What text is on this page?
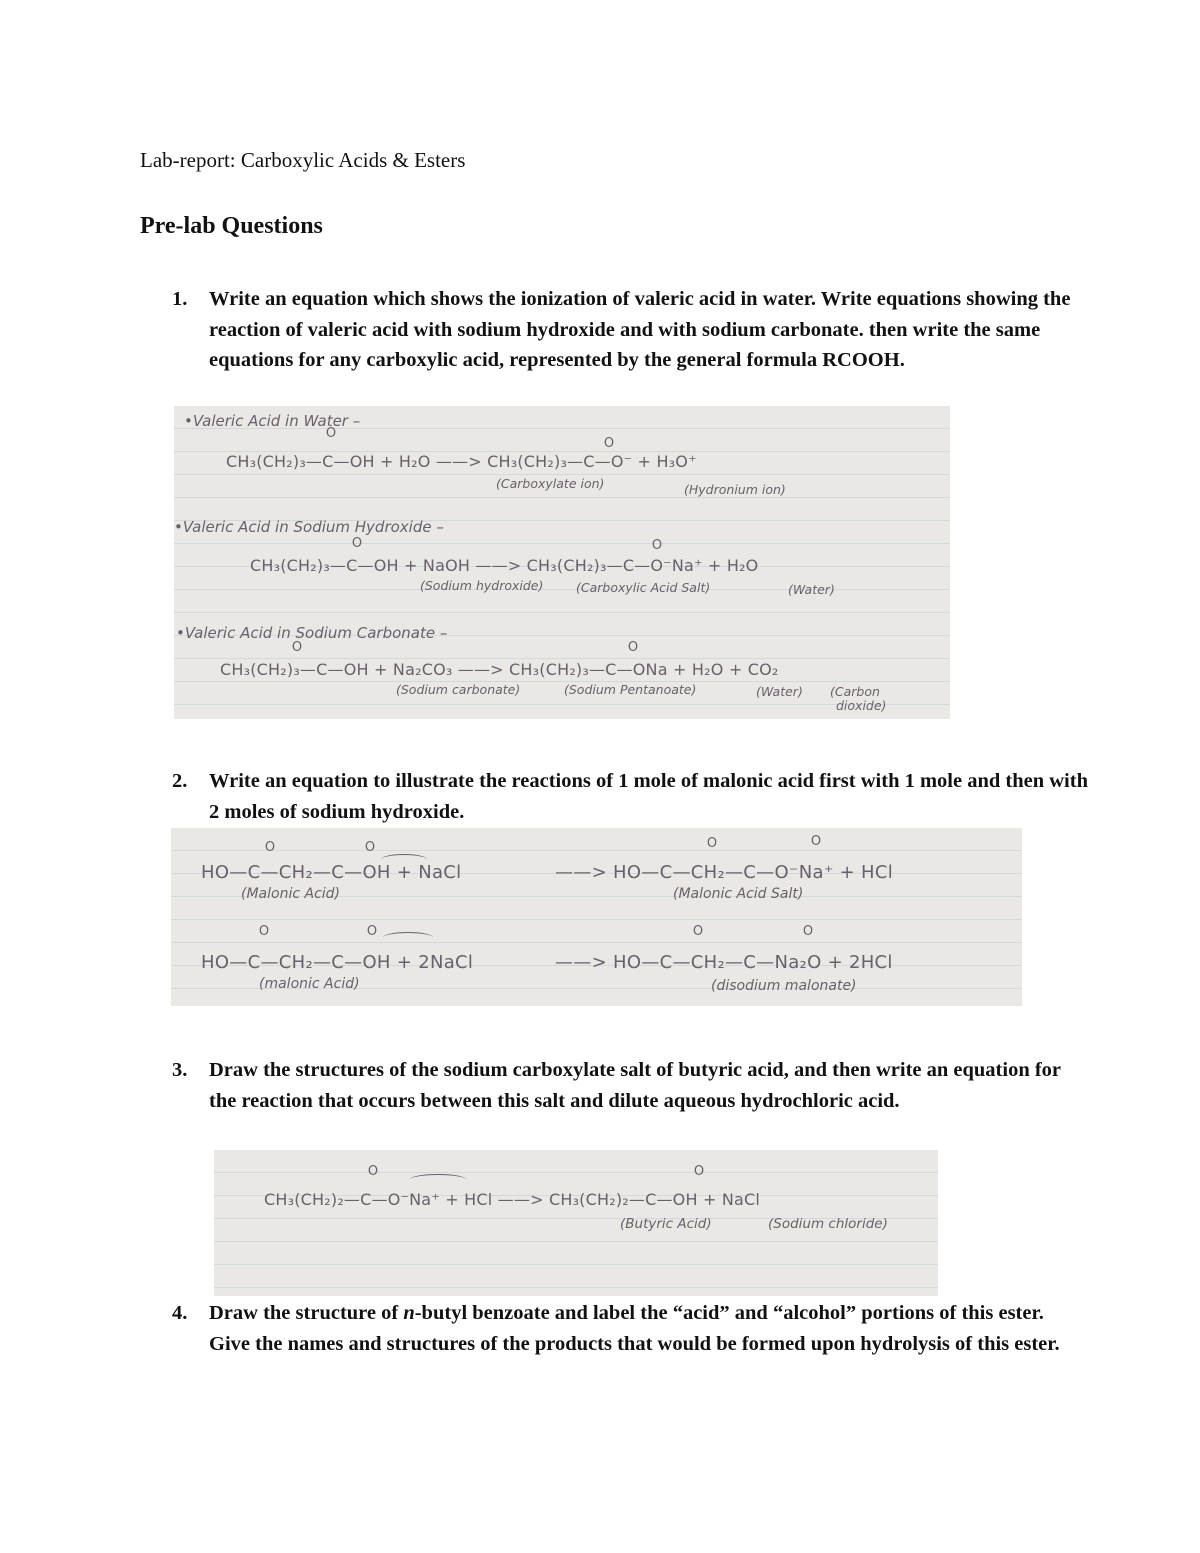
Lab-report: Carboxylic Acids & Esters
Pre-lab Questions
1. Write an equation which shows the ionization of valeric acid in water. Write equations showing the reaction of valeric acid with sodium hydroxide and with sodium carbonate. then write the same equations for any carboxylic acid, represented by the general formula RCOOH.
•Valeric Acid in Water –
O
O
CH₃(CH₂)₃—C—OH + H₂O ——> CH₃(CH₂)₃—C—O⁻ + H₃O⁺
(Carboxylate ion)	(Hydronium ion)
•Valeric Acid in Sodium Hydroxide –
O	O
CH₃(CH₂)₃—C—OH + NaOH ——> CH₃(CH₂)₃—C—O⁻Na⁺ + H₂O
(Sodium hydroxide)	(Carboxylic Acid Salt)	(Water)
•Valeric Acid in Sodium Carbonate –
O	O
CH₃(CH₂)₃—C—OH + Na₂CO₃ ——> CH₃(CH₂)₃—C—ONa + H₂O + CO₂
(Sodium carbonate)	(Sodium Pentanoate)	(Water) (Carbon
dioxide)
2. Write an equation to illustrate the reactions of 1 mole of malonic acid first with 1 mole and then with 2 moles of sodium hydroxide.
O	O	O	O
HO—C—CH₂—C—OH + NaCl	——> HO—C—CH₂—C—O⁻Na⁺ + HCl
(Malonic Acid)	(Malonic Acid Salt)
O	O	O	O
HO—C—CH₂—C—OH + 2NaCl	——> HO—C—CH₂—C—Na₂O + 2HCl
(malonic Acid)	(disodium malonate)
3. Draw the structures of the sodium carboxylate salt of butyric acid, and then write an equation for the reaction that occurs between this salt and dilute aqueous hydrochloric acid.
O	O
CH₃(CH₂)₂—C—O⁻Na⁺ + HCl ——> CH₃(CH₂)₂—C—OH + NaCl
(Butyric Acid)	(Sodium chloride)
4. Draw the structure of n-butyl benzoate and label the “acid” and “alcohol” portions of this ester. Give the names and structures of the products that would be formed upon hydrolysis of this ester.
